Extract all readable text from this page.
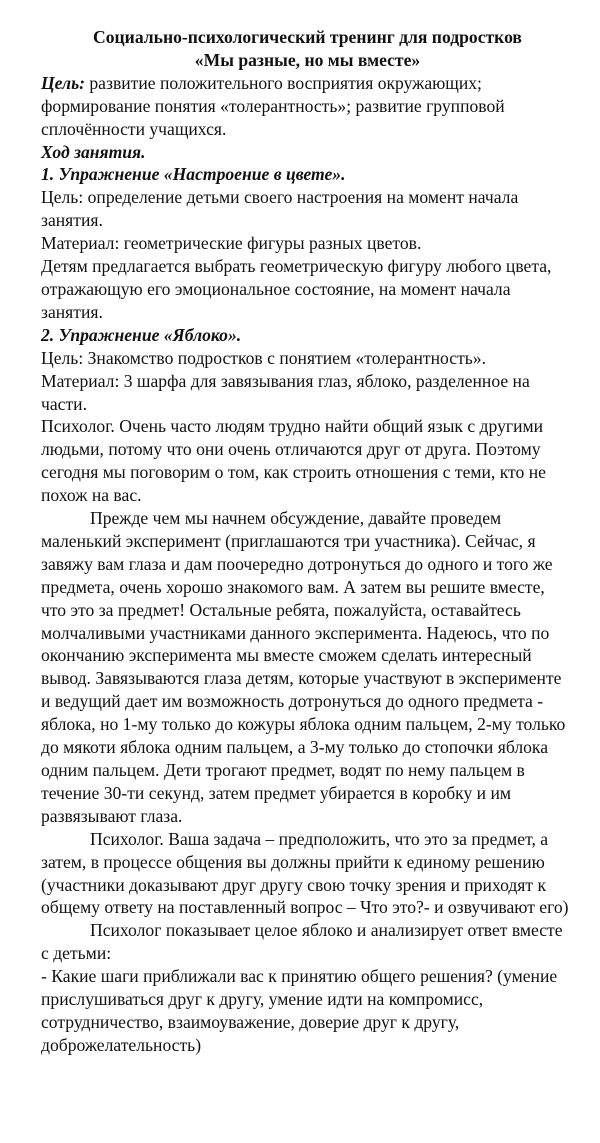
Социально-психологический тренинг для подростков
«Мы разные, но мы вместе»

Цель: развитие положительного восприятия окружающих; формирование понятия «толерантность»; развитие групповой сплочённости учащихся.

Ход занятия.

1. Упражнение «Настроение в цвете».

Цель: определение детьми своего настроения на момент начала занятия.

Материал: геометрические фигуры разных цветов.

Детям предлагается выбрать геометрическую фигуру любого цвета, отражающую его эмоциональное состояние, на момент начала занятия.

2. Упражнение «Яблоко».

Цель: Знакомство подростков с понятием «толерантность».

Материал: 3 шарфа для завязывания глаз, яблоко, разделенное на части.

Психолог. Очень часто людям трудно найти общий язык с другими людьми, потому что они очень отличаются друг от друга. Поэтому сегодня мы поговорим о том, как строить отношения с теми, кто не похож на вас.

Прежде чем мы начнем обсуждение, давайте проведем маленький эксперимент (приглашаются три участника). Сейчас, я завяжу вам глаза и дам поочередно дотронуться до одного и того же предмета, очень хорошо знакомого вам. А затем вы решите вместе, что это за предмет! Остальные ребята, пожалуйста, оставайтесь молчаливыми участниками данного эксперимента. Надеюсь, что по окончанию эксперимента мы вместе сможем сделать интересный вывод. Завязываются глаза детям, которые участвуют в эксперименте и ведущий дает им возможность дотронуться до одного предмета - яблока, но 1-му только до кожуры яблока одним пальцем, 2-му только до мякоти яблока одним пальцем, а 3-му только до стопочки яблока одним пальцем. Дети трогают предмет, водят по нему пальцем в течение 30-ти секунд, затем предмет убирается в коробку и им развязывают глаза.

Психолог. Ваша задача – предположить, что это за предмет, а затем, в процессе общения вы должны прийти к единому решению (участники доказывают друг другу свою точку зрения и приходят к общему ответу на поставленный вопрос – Что это?- и озвучивают его)

Психолог показывает целое яблоко и анализирует ответ вместе с детьми:

- Какие шаги приближали вас к принятию общего решения? (умение прислушиваться друг к другу, умение идти на компромисс, сотрудничество, взаимоуважение, доверие друг к другу, доброжелательность)
